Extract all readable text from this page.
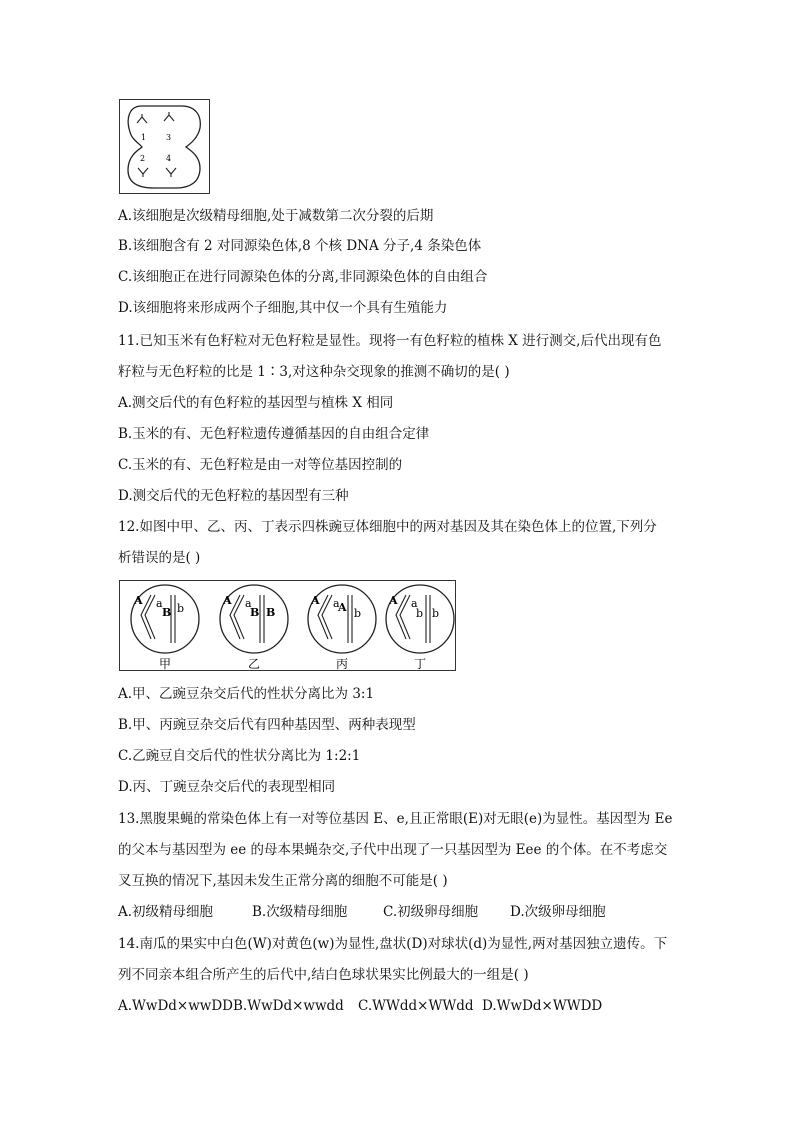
1 3
2	4
A.该细胞是次级精母细胞,处于减数第二次分裂的后期
B.该细胞含有 2 对同源染色体,8 个核 DNA 分子,4 条染色体
C.该细胞正在进行同源染色体的分离,非同源染色体的自由组合
D.该细胞将来形成两个子细胞,其中仅一个具有生殖能力
11.已知玉米有色籽粒对无色籽粒是显性。现将一有色籽粒的植株 X 进行测交,后代出现有色
籽粒与无色籽粒的比是 1∶3,对这种杂交现象的推测不确切的是( )
A.测交后代的有色籽粒的基因型与植株 X 相同
B.玉米的有、无色籽粒遗传遵循基因的自由组合定律
C.玉米的有、无色籽粒是由一对等位基因控制的
D.测交后代的无色籽粒的基因型有三种
12.如图中甲、乙、丙、丁表示四株豌豆体细胞中的两对基因及其在染色体上的位置,下列分
析错误的是( )
A a
B b
甲
A a
B B
乙
A a
A b
丙
A a
b b
丁
A.甲、乙豌豆杂交后代的性状分离比为 3:1
B.甲、丙豌豆杂交后代有四种基因型、两种表现型
C.乙豌豆自交后代的性状分离比为 1:2:1
D.丙、丁豌豆杂交后代的表现型相同
13.黑腹果蝇的常染色体上有一对等位基因 E、e,且正常眼(E)对无眼(e)为显性。基因型为 Ee
的父本与基因型为 ee 的母本果蝇杂交,子代中出现了一只基因型为 Eee 的个体。在不考虑交
叉互换的情况下,基因未发生正常分离的细胞不可能是( )
A.初级精母细胞	B.次级精母细胞	C.初级卵母细胞 D.次级卵母细胞
14.南瓜的果实中白色(W)对黄色(w)为显性,盘状(D)对球状(d)为显性,两对基因独立遗传。下
列不同亲本组合所产生的后代中,结白色球状果实比例最大的一组是( )
A.WwDd×wwDDB.WwDd×wwdd C.WWdd×WWdd D.WwDd×WWDD
